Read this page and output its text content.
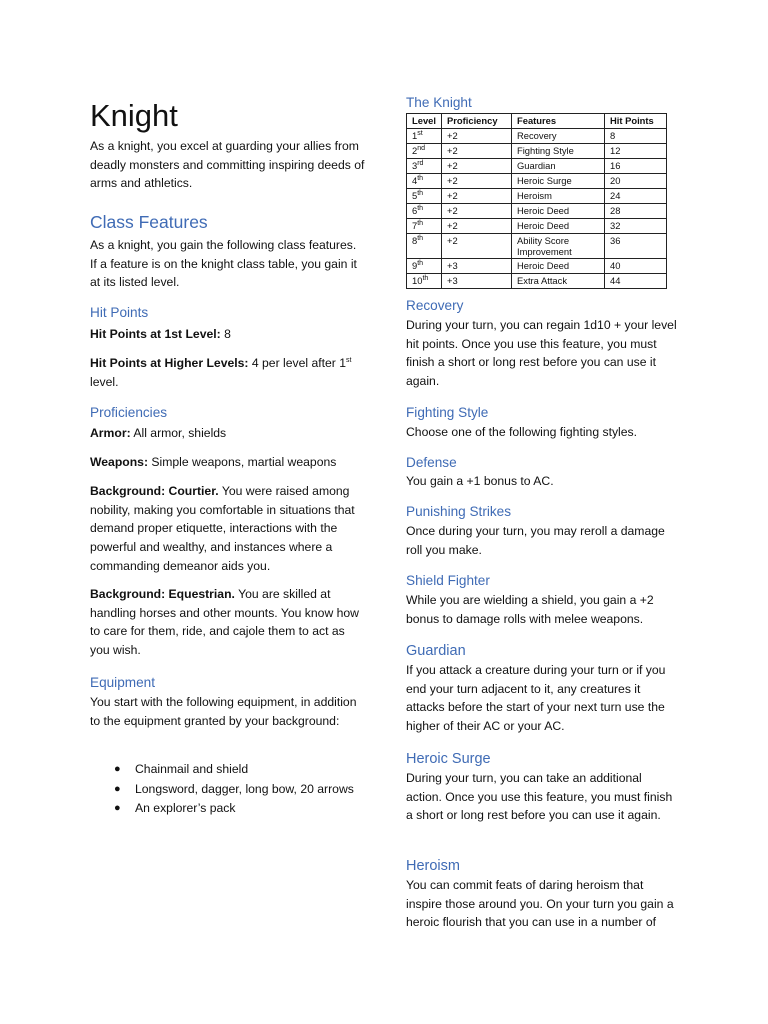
Knight

As a knight, you excel at guarding your allies from deadly monsters and committing inspiring deeds of arms and athletics.

Class Features

As a knight, you gain the following class features. If a feature is on the knight class table, you gain it at its listed level.

Hit Points

Hit Points at 1st Level: 8

Hit Points at Higher Levels: 4 per level after 1st level.

Proficiencies

Armor: All armor, shields

Weapons: Simple weapons, martial weapons

Background: Courtier. You were raised among nobility, making you comfortable in situations that demand proper etiquette, interactions with the powerful and wealthy, and instances where a commanding demeanor aids you.

Background: Equestrian. You are skilled at handling horses and other mounts. You know how to care for them, ride, and cajole them to act as you wish.

Equipment

You start with the following equipment, in addition to the equipment granted by your background:

● Chainmail and shield
● Longsword, dagger, long bow, 20 arrows
● An explorer’s pack
The Knight
Level	Proficiency	Features	Hit Points
1st	+2	Recovery	8
2nd	+2	Fighting Style	12
3rd	+2	Guardian	16
4th	+2	Heroic Surge	20
5th	+2	Heroism	24
6th	+2	Heroic Deed	28
7th	+2	Heroic Deed	32
8th	+2	Ability Score Improvement	36
9th	+3	Heroic Deed	40
10th	+3	Extra Attack	44
Recovery

During your turn, you can regain 1d10 + your level hit points. Once you use this feature, you must finish a short or long rest before you can use it again.

Fighting Style

Choose one of the following fighting styles.

Defense

You gain a +1 bonus to AC.

Punishing Strikes

Once during your turn, you may reroll a damage roll you make.

Shield Fighter

While you are wielding a shield, you gain a +2 bonus to damage rolls with melee weapons.

Guardian

If you attack a creature during your turn or if you end your turn adjacent to it, any creatures it attacks before the start of your next turn use the higher of their AC or your AC.

Heroic Surge

During your turn, you can take an additional action. Once you use this feature, you must finish a short or long rest before you can use it again.

Heroism

You can commit feats of daring heroism that inspire those around you. On your turn you gain a heroic flourish that you can use in a number of
